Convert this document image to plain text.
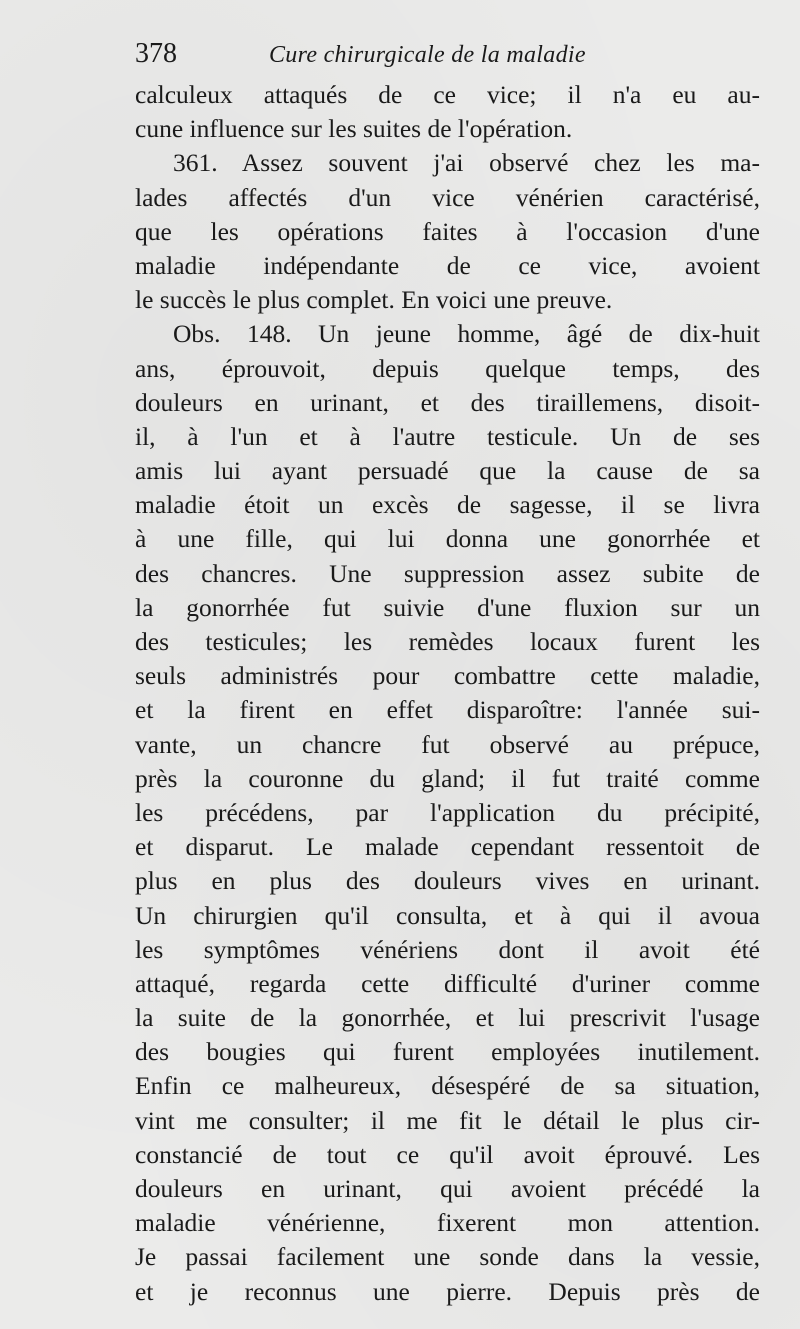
378	Cure chirurgicale de la maladie
calculeux attaqués de ce vice; il n'a eu au-
cune influence sur les suites de l'opération.
361. Assez souvent j'ai observé chez les ma-
lades affectés d'un vice vénérien caractérisé,
que les opérations faites à l'occasion d'une
maladie indépendante de ce vice, avoient
le succès le plus complet. En voici une preuve.
Obs. 148. Un jeune homme, âgé de dix-huit
ans, éprouvoit, depuis quelque temps, des
douleurs en urinant, et des tiraillemens, disoit-
il, à l'un et à l'autre testicule. Un de ses
amis lui ayant persuadé que la cause de sa
maladie étoit un excès de sagesse, il se livra
à une fille, qui lui donna une gonorrhée et
des chancres. Une suppression assez subite de
la gonorrhée fut suivie d'une fluxion sur un
des testicules; les remèdes locaux furent les
seuls administrés pour combattre cette maladie,
et la firent en effet disparoître: l'année sui-
vante, un chancre fut observé au prépuce,
près la couronne du gland; il fut traité comme
les précédens, par l'application du précipité,
et disparut. Le malade cependant ressentoit de
plus en plus des douleurs vives en urinant.
Un chirurgien qu'il consulta, et à qui il avoua
les symptômes vénériens dont il avoit été
attaqué, regarda cette difficulté d'uriner comme
la suite de la gonorrhée, et lui prescrivit l'usage
des bougies qui furent employées inutilement.
Enfin ce malheureux, désespéré de sa situation,
vint me consulter; il me fit le détail le plus cir-
constancié de tout ce qu'il avoit éprouvé. Les
douleurs en urinant, qui avoient précédé la
maladie vénérienne, fixerent mon attention.
Je passai facilement une sonde dans la vessie,
et je reconnus une pierre. Depuis près de
